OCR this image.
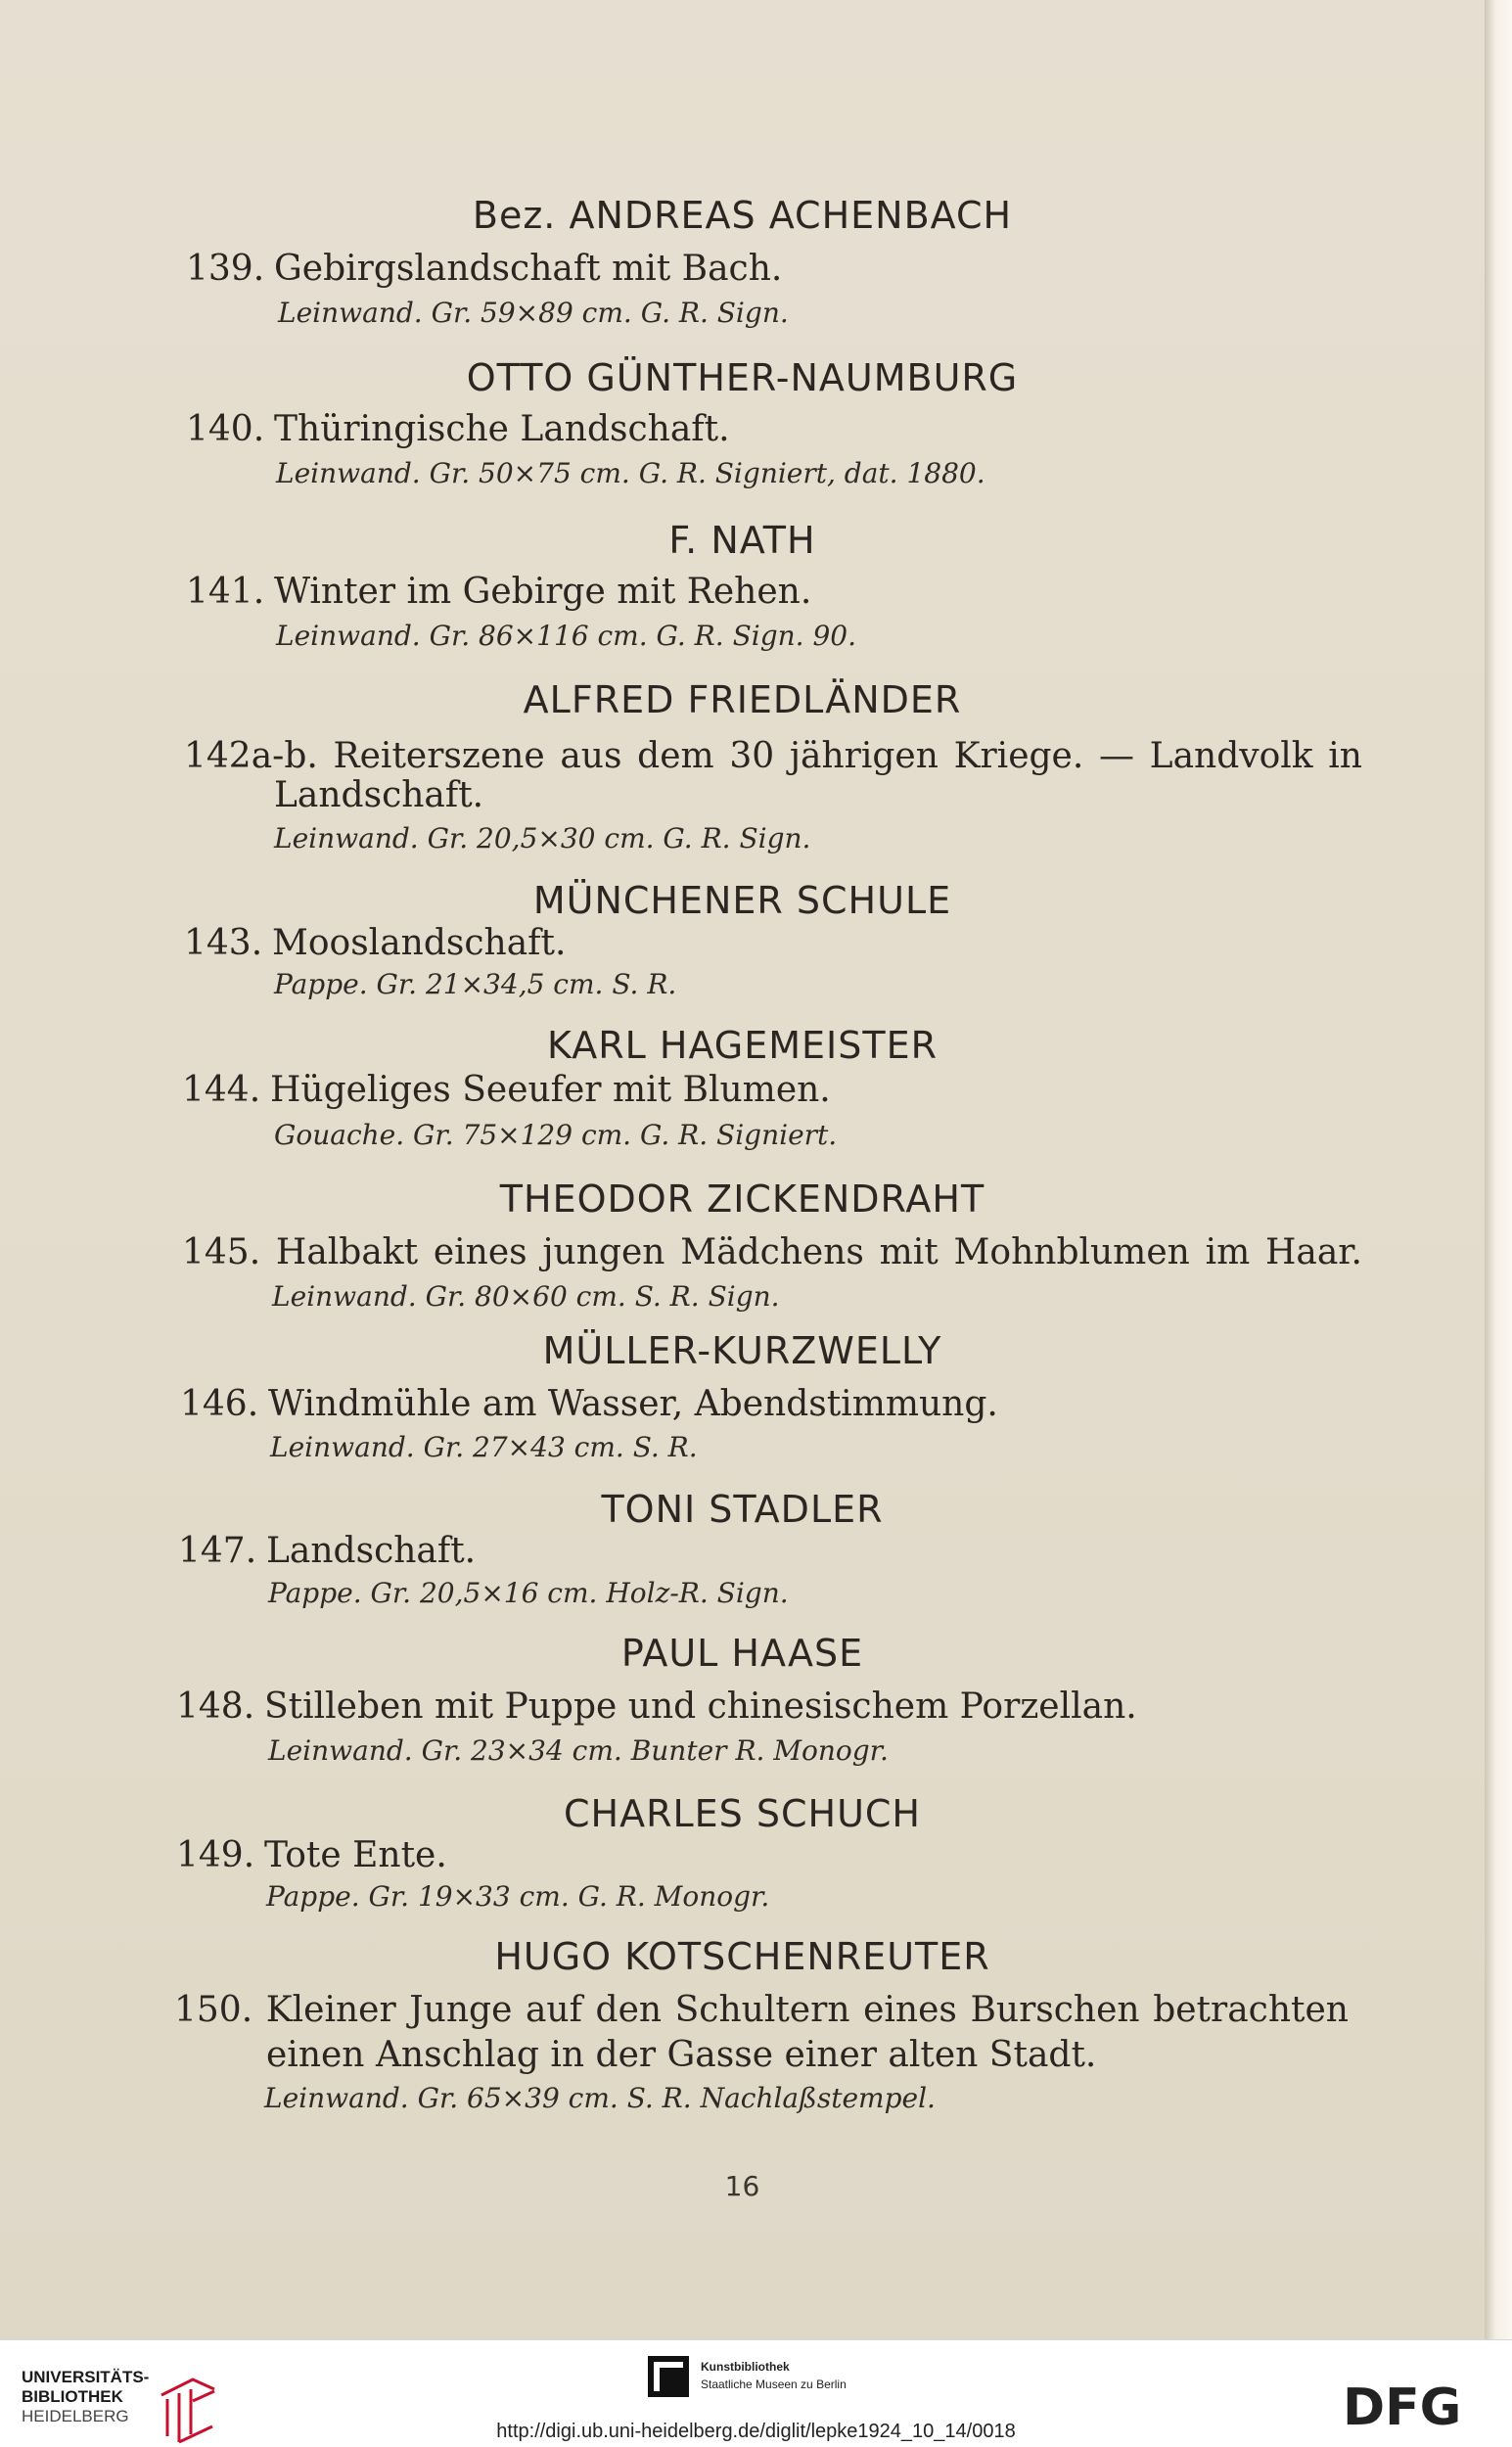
Bez. ANDREAS ACHENBACH
139. Gebirgslandschaft mit Bach.
Leinwand. Gr. 59×89 cm. G. R. Sign.
OTTO GÜNTHER-NAUMBURG
140. Thüringische Landschaft.
Leinwand. Gr. 50×75 cm. G. R. Signiert, dat. 1880.
F. NATH
141. Winter im Gebirge mit Rehen.
Leinwand. Gr. 86×116 cm. G. R. Sign. 90.
ALFRED FRIEDLÄNDER
142a-b. Reiterszene aus dem 30 jährigen Kriege. — Landvolk in
Landschaft.
Leinwand. Gr. 20,5×30 cm. G. R. Sign.
MÜNCHENER SCHULE
143. Mooslandschaft.
Pappe. Gr. 21×34,5 cm. S. R.
KARL HAGEMEISTER
144. Hügeliges Seeufer mit Blumen.
Gouache. Gr. 75×129 cm. G. R. Signiert.
THEODOR ZICKENDRAHT
145. Halbakt eines jungen Mädchens mit Mohnblumen im Haar.
Leinwand. Gr. 80×60 cm. S. R. Sign.
MÜLLER-KURZWELLY
146. Windmühle am Wasser, Abendstimmung.
Leinwand. Gr. 27×43 cm. S. R.
TONI STADLER
147. Landschaft.
Pappe. Gr. 20,5×16 cm. Holz-R. Sign.
PAUL HAASE
148. Stilleben mit Puppe und chinesischem Porzellan.
Leinwand. Gr. 23×34 cm. Bunter R. Monogr.
CHARLES SCHUCH
149. Tote Ente.
Pappe. Gr. 19×33 cm. G. R. Monogr.
HUGO KOTSCHENREUTER
150. Kleiner Junge auf den Schultern eines Burschen betrachten
einen Anschlag in der Gasse einer alten Stadt.
Leinwand. Gr. 65×39 cm. S. R. Nachlaßstempel.
16
UNIVERSITÄTS-
BIBLIOTHEK
HEIDELBERG
Kunstbibliothek
Staatliche Museen zu Berlin	DFG
http://digi.ub.uni-heidelberg.de/diglit/lepke1924_10_14/0018
